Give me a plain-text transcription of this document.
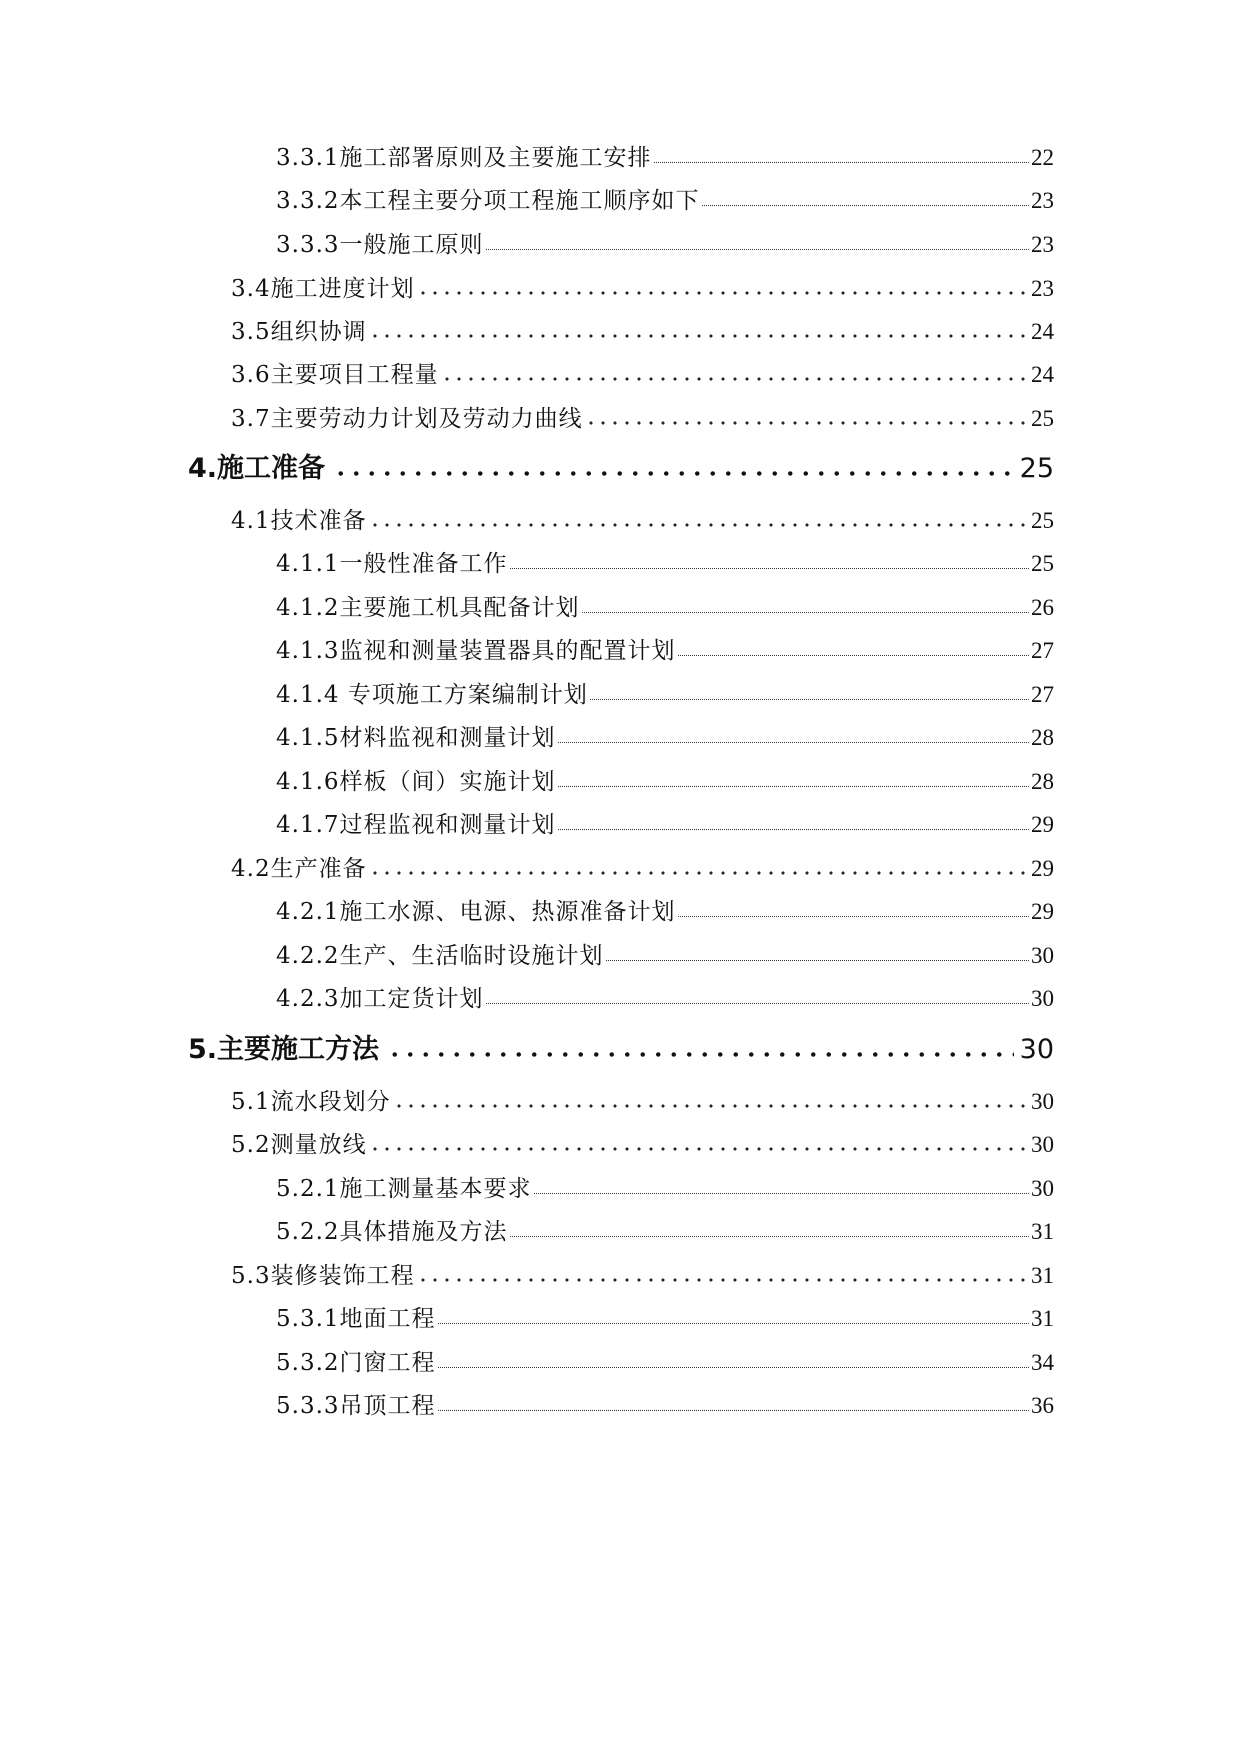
3.3.1施工部署原则及主要施工安排	22
3.3.2本工程主要分项工程施工顺序如下	23
3.3.3一般施工原则	23
3.4施工进度计划	23
3.5组织协调	24
3.6主要项目工程量	24
3.7主要劳动力计划及劳动力曲线	25
4.施工准备	25
4.1技术准备	25
4.1.1一般性准备工作	25
4.1.2主要施工机具配备计划	26
4.1.3监视和测量装置器具的配置计划	27
4.1.4 专项施工方案编制计划	27
4.1.5材料监视和测量计划	28
4.1.6样板（间）实施计划	28
4.1.7过程监视和测量计划	29
4.2生产准备	29
4.2.1施工水源、电源、热源准备计划	29
4.2.2生产、生活临时设施计划	30
4.2.3加工定货计划	30
5.主要施工方法	30
5.1流水段划分	30
5.2测量放线	30
5.2.1施工测量基本要求	30
5.2.2具体措施及方法	31
5.3装修装饰工程	31
5.3.1地面工程	31
5.3.2门窗工程	34
5.3.3吊顶工程	36
